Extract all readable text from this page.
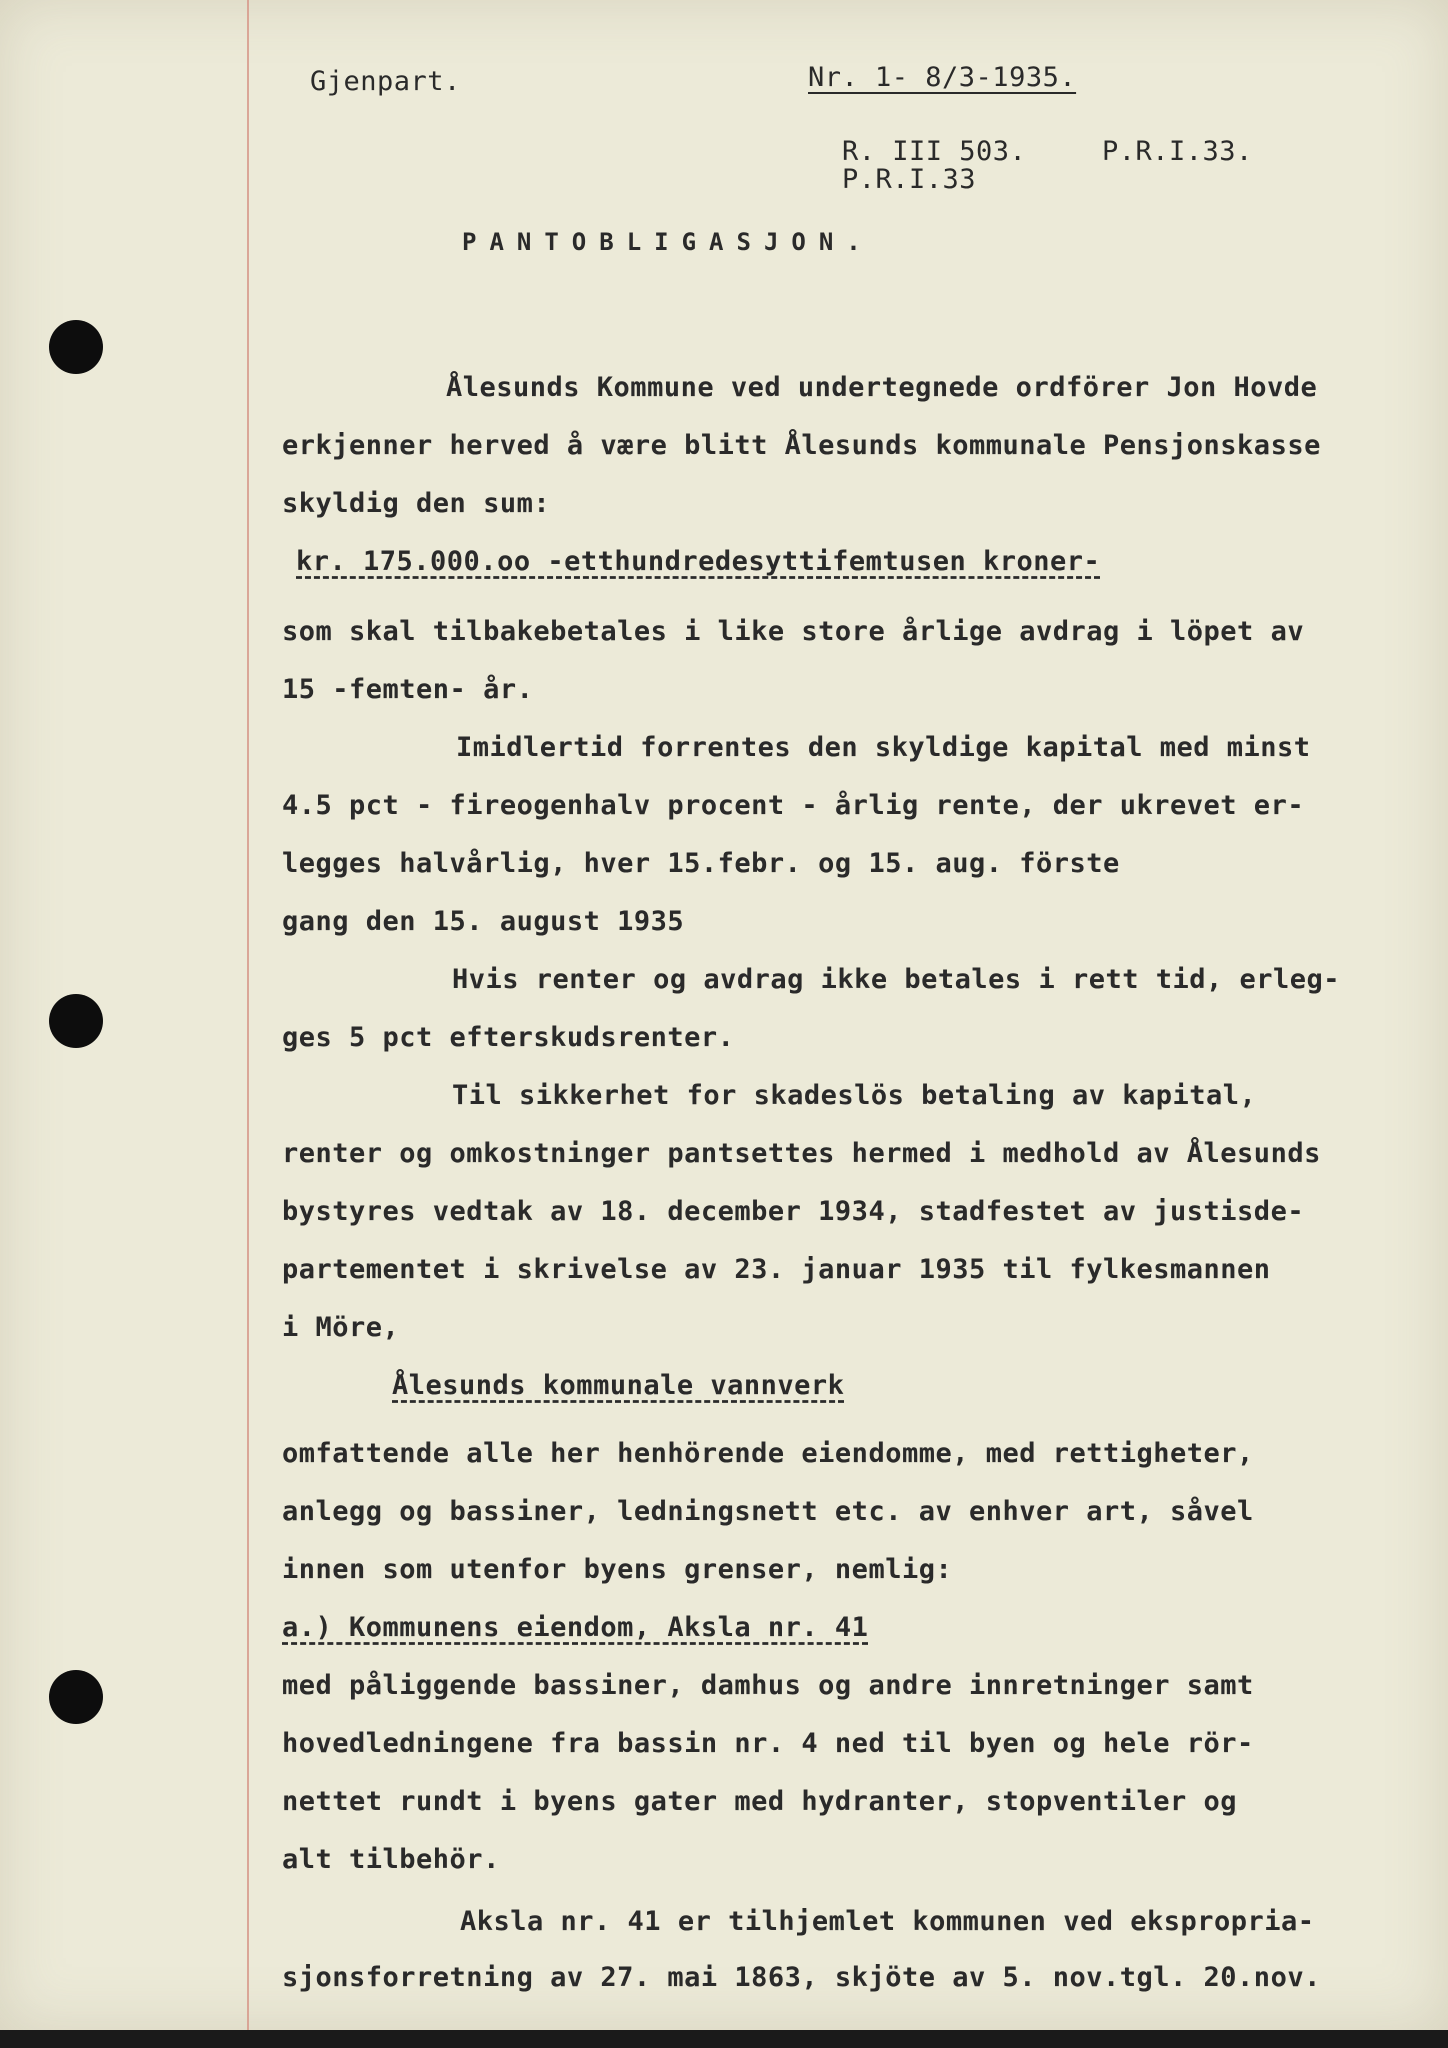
Gjenpart.	Nr. 1- 8/3-1935.
R. III 503.	P.R.I.33.
P.R.I.33
PANTOBLIGASJON.
Ålesunds Kommune ved undertegnede ordförer Jon Hovde
erkjenner herved å være blitt Ålesunds kommunale Pensjonskasse
skyldig den sum:
kr. 175.000.oo -etthundredesyttifemtusen kroner-
som skal tilbakebetales i like store årlige avdrag i löpet av
15 -femten- år.
Imidlertid forrentes den skyldige kapital med minst
4.5 pct - fireogenhalv procent - årlig rente, der ukrevet er-
legges halvårlig, hver 15.febr. og 15. aug. förste
gang den 15. august 1935
Hvis renter og avdrag ikke betales i rett tid, erleg-
ges 5 pct efterskudsrenter.
Til sikkerhet for skadeslös betaling av kapital,
renter og omkostninger pantsettes hermed i medhold av Ålesunds
bystyres vedtak av 18. december 1934, stadfestet av justisde-
partementet i skrivelse av 23. januar 1935 til fylkesmannen
i Möre,
Ålesunds kommunale vannverk
omfattende alle her henhörende eiendomme, med rettigheter,
anlegg og bassiner, ledningsnett etc. av enhver art, såvel
innen som utenfor byens grenser, nemlig:
a.) Kommunens eiendom, Aksla nr. 41
med påliggende bassiner, damhus og andre innretninger samt
hovedledningene fra bassin nr. 4 ned til byen og hele rör-
nettet rundt i byens gater med hydranter, stopventiler og
alt tilbehör.
Aksla nr. 41 er tilhjemlet kommunen ved ekspropria-
sjonsforretning av 27. mai 1863, skjöte av 5. nov.tgl. 20.nov.
